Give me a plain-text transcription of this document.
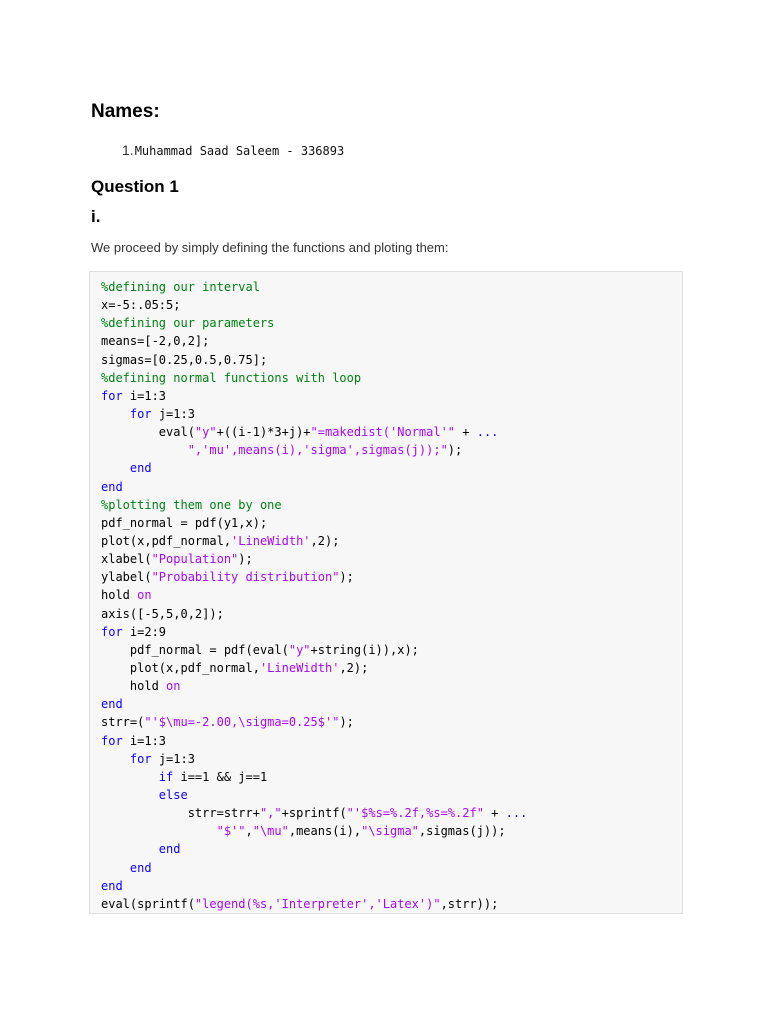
Names:
1. Muhammad Saad Saleem - 336893
Question 1
i.

We proceed by simply defining the functions and ploting them:

%defining our interval
x=-5:.05:5;
%defining our parameters
means=[-2,0,2];
sigmas=[0.25,0.5,0.75];
%defining normal functions with loop
for i=1:3
for j=1:3
eval("y"+((i-1)*3+j)+"=makedist('Normal'" + ...
",'mu',means(i),'sigma',sigmas(j));");
end
end
%plotting them one by one
pdf_normal = pdf(y1,x);
plot(x,pdf_normal,'LineWidth',2);
xlabel("Population");
ylabel("Probability distribution");
hold on
axis([-5,5,0,2]);
for i=2:9
pdf_normal = pdf(eval("y"+string(i)),x);
plot(x,pdf_normal,'LineWidth',2);
hold on
end
strr=("'$\mu=-2.00,\sigma=0.25$'");
for i=1:3
for j=1:3
if i==1 && j==1
else
strr=strr+","+sprintf("'$%s=%.2f,%s=%.2f" + ...
"$'","\mu",means(i),"\sigma",sigmas(j));
end
end
end
eval(sprintf("legend(%s,'Interpreter','Latex')",strr));
